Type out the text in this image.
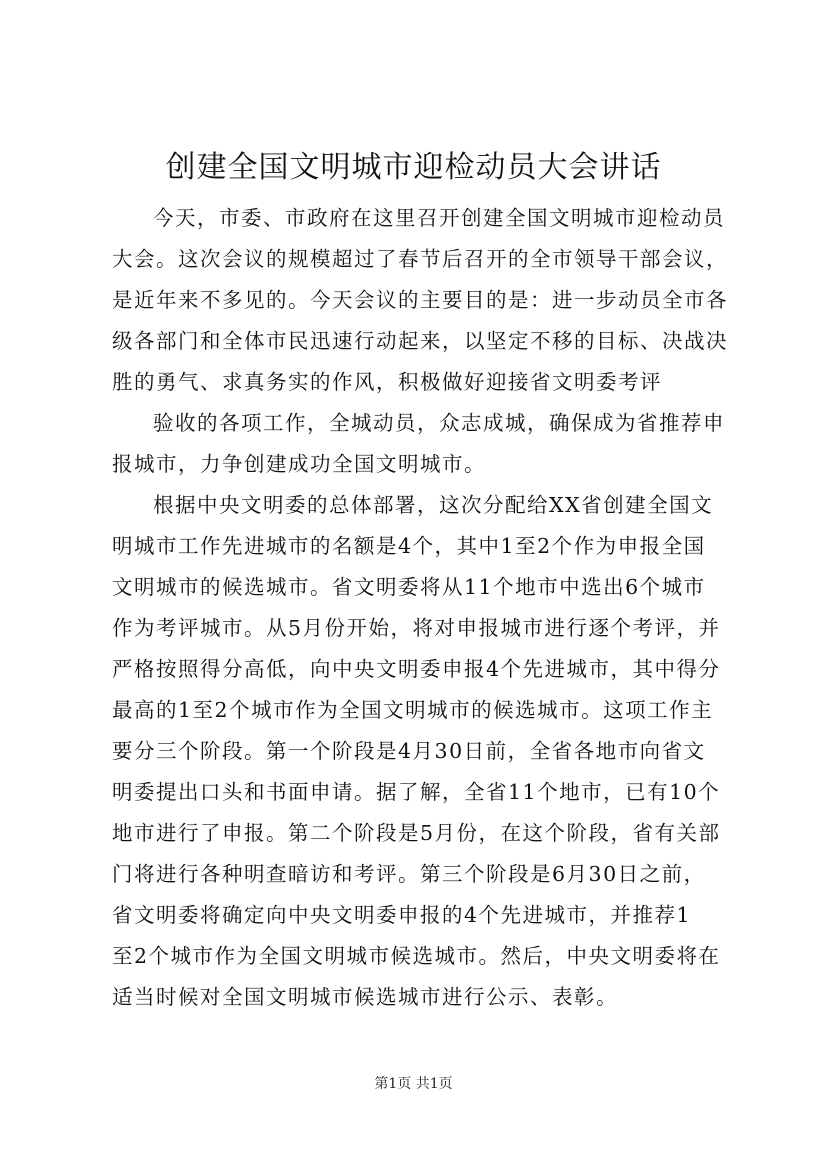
创建全国文明城市迎检动员大会讲话
今天，市委、市政府在这里召开创建全国文明城市迎检动员
大会。这次会议的规模超过了春节后召开的全市领导干部会议，
是近年来不多见的。今天会议的主要目的是：进一步动员全市各
级各部门和全体市民迅速行动起来，以坚定不移的目标、决战决
胜的勇气、求真务实的作风，积极做好迎接省文明委考评
验收的各项工作，全城动员，众志成城，确保成为省推荐申
报城市，力争创建成功全国文明城市。
根据中央文明委的总体部署，这次分配给XX省创建全国文
明城市工作先进城市的名额是4个，其中1至2个作为申报全国
文明城市的候选城市。省文明委将从11个地市中选出6个城市
作为考评城市。从5月份开始，将对申报城市进行逐个考评，并
严格按照得分高低，向中央文明委申报4个先进城市，其中得分
最高的1至2个城市作为全国文明城市的候选城市。这项工作主
要分三个阶段。第一个阶段是4月30日前，全省各地市向省文
明委提出口头和书面申请。据了解，全省11个地市，已有10个
地市进行了申报。第二个阶段是5月份，在这个阶段，省有关部
门将进行各种明查暗访和考评。第三个阶段是6月30日之前，
省文明委将确定向中央文明委申报的4个先进城市，并推荐1
至2个城市作为全国文明城市候选城市。然后，中央文明委将在
适当时候对全国文明城市候选城市进行公示、表彰。
第1页 共1页
